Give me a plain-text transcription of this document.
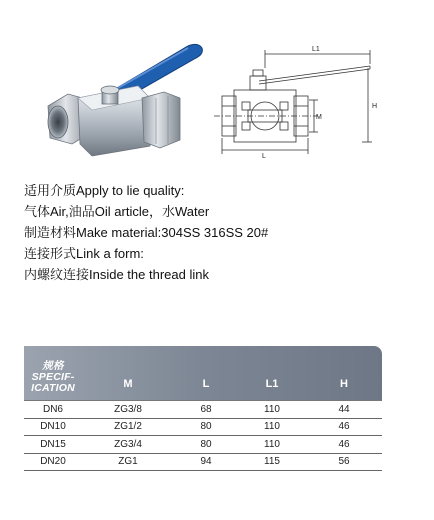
L1
L
M
H
适用介质Apply to lie quality:
气体Air,油品Oil article，水Water
制造材料Make material:304SS 316SS 20#
连接形式Link a form:
内螺纹连接Inside the thread link
规格
SPECIF-
ICATION	M	L	L1	H
DN6	ZG3/8	68	110	44
DN10	ZG1/2	80	110	46
DN15	ZG3/4	80	110	46
DN20	ZG1	94	115	56
